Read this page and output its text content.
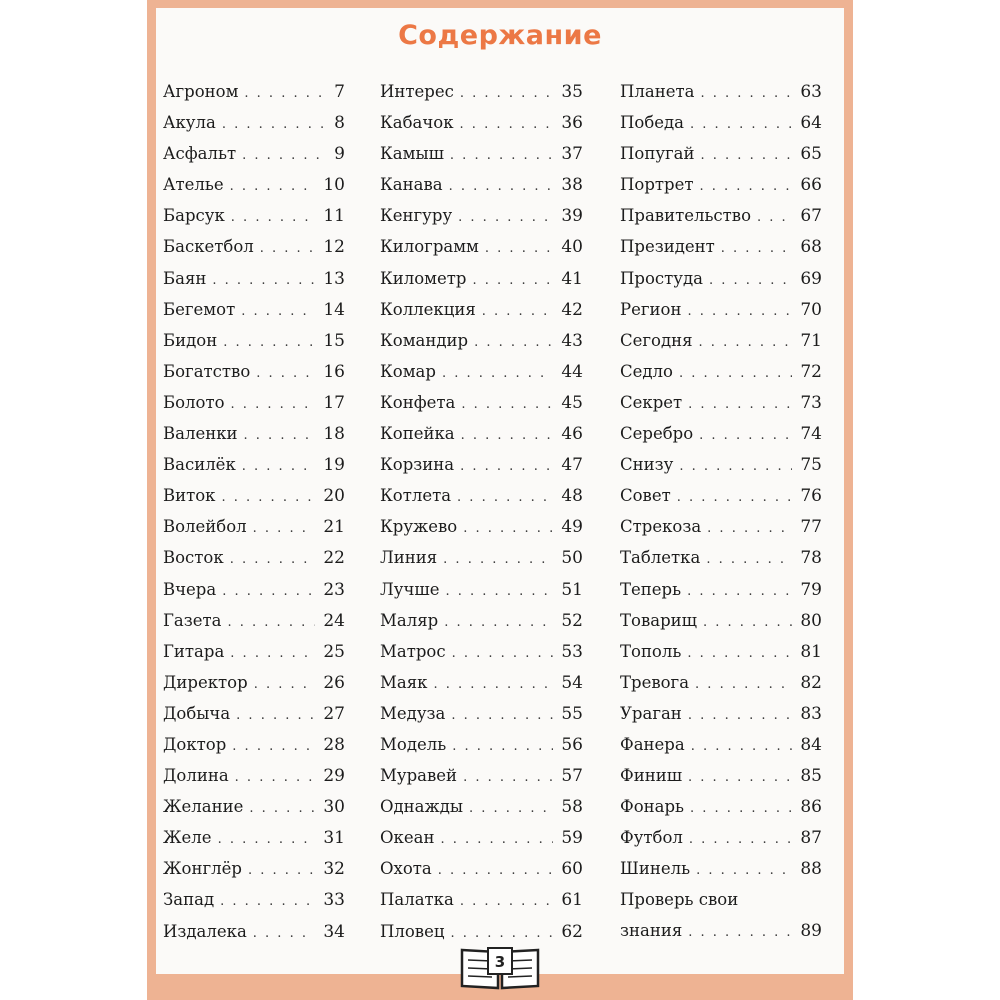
Содержание
Агроном . . .	7
Акула . . .	8
Асфальт . . .	9
Ателье . . .	10
Барсук . . .	11
Баскетбол . . .	12
Баян . . .	13
Бегемот . . .	14
Бидон . . .	15
Богатство . . .	16
Болото . . .	17
Валенки . . .	18
Василёк . . .	19
Виток . . .	20
Волейбол . . .	21
Восток . . .	22
Вчера . . .	23
Газета . . .	24
Гитара . . .	25
Директор . . .	26
Добыча . . .	27
Доктор . . .	28
Долина . . .	29
Желание . . .	30
Желе . . .	31
Жонглёр . . .	32
Запад . . .	33
Издалека . . .	34
Интерес . . .	35
Кабачок . . .	36
Камыш . . .	37
Канава . . .	38
Кенгуру . . .	39
Килограмм . . .	40
Километр . . .	41
Коллекция . . .	42
Командир . . .	43
Комар . . .	44
Конфета . . .	45
Копейка . . .	46
Корзина . . .	47
Котлета . . .	48
Кружево . . .	49
Линия . . .	50
Лучше . . .	51
Маляр . . .	52
Матрос . . .	53
Маяк . . .	54
Медуза . . .	55
Модель . . .	56
Муравей . . .	57
Однажды . . .	58
Океан . . .	59
Охота . . .	60
Палатка . . .	61
Пловец . . .	62
Планета . . .	63
Победа . . .	64
Попугай . . .	65
Портрет . . .	66
Правительство . . .	67
Президент . . .	68
Простуда . . .	69
Регион . . .	70
Сегодня . . .	71
Седло . . .	72
Секрет . . .	73
Серебро . . .	74
Снизу . . .	75
Совет . . .	76
Стрекоза . . .	77
Таблетка . . .	78
Теперь . . .	79
Товарищ . . .	80
Тополь . . .	81
Тревога . . .	82
Ураган . . .	83
Фанера . . .	84
Финиш . . .	85
Фонарь . . .	86
Футбол . . .	87
Шинель . . .	88
Проверь свои
знания . . .	89
3
